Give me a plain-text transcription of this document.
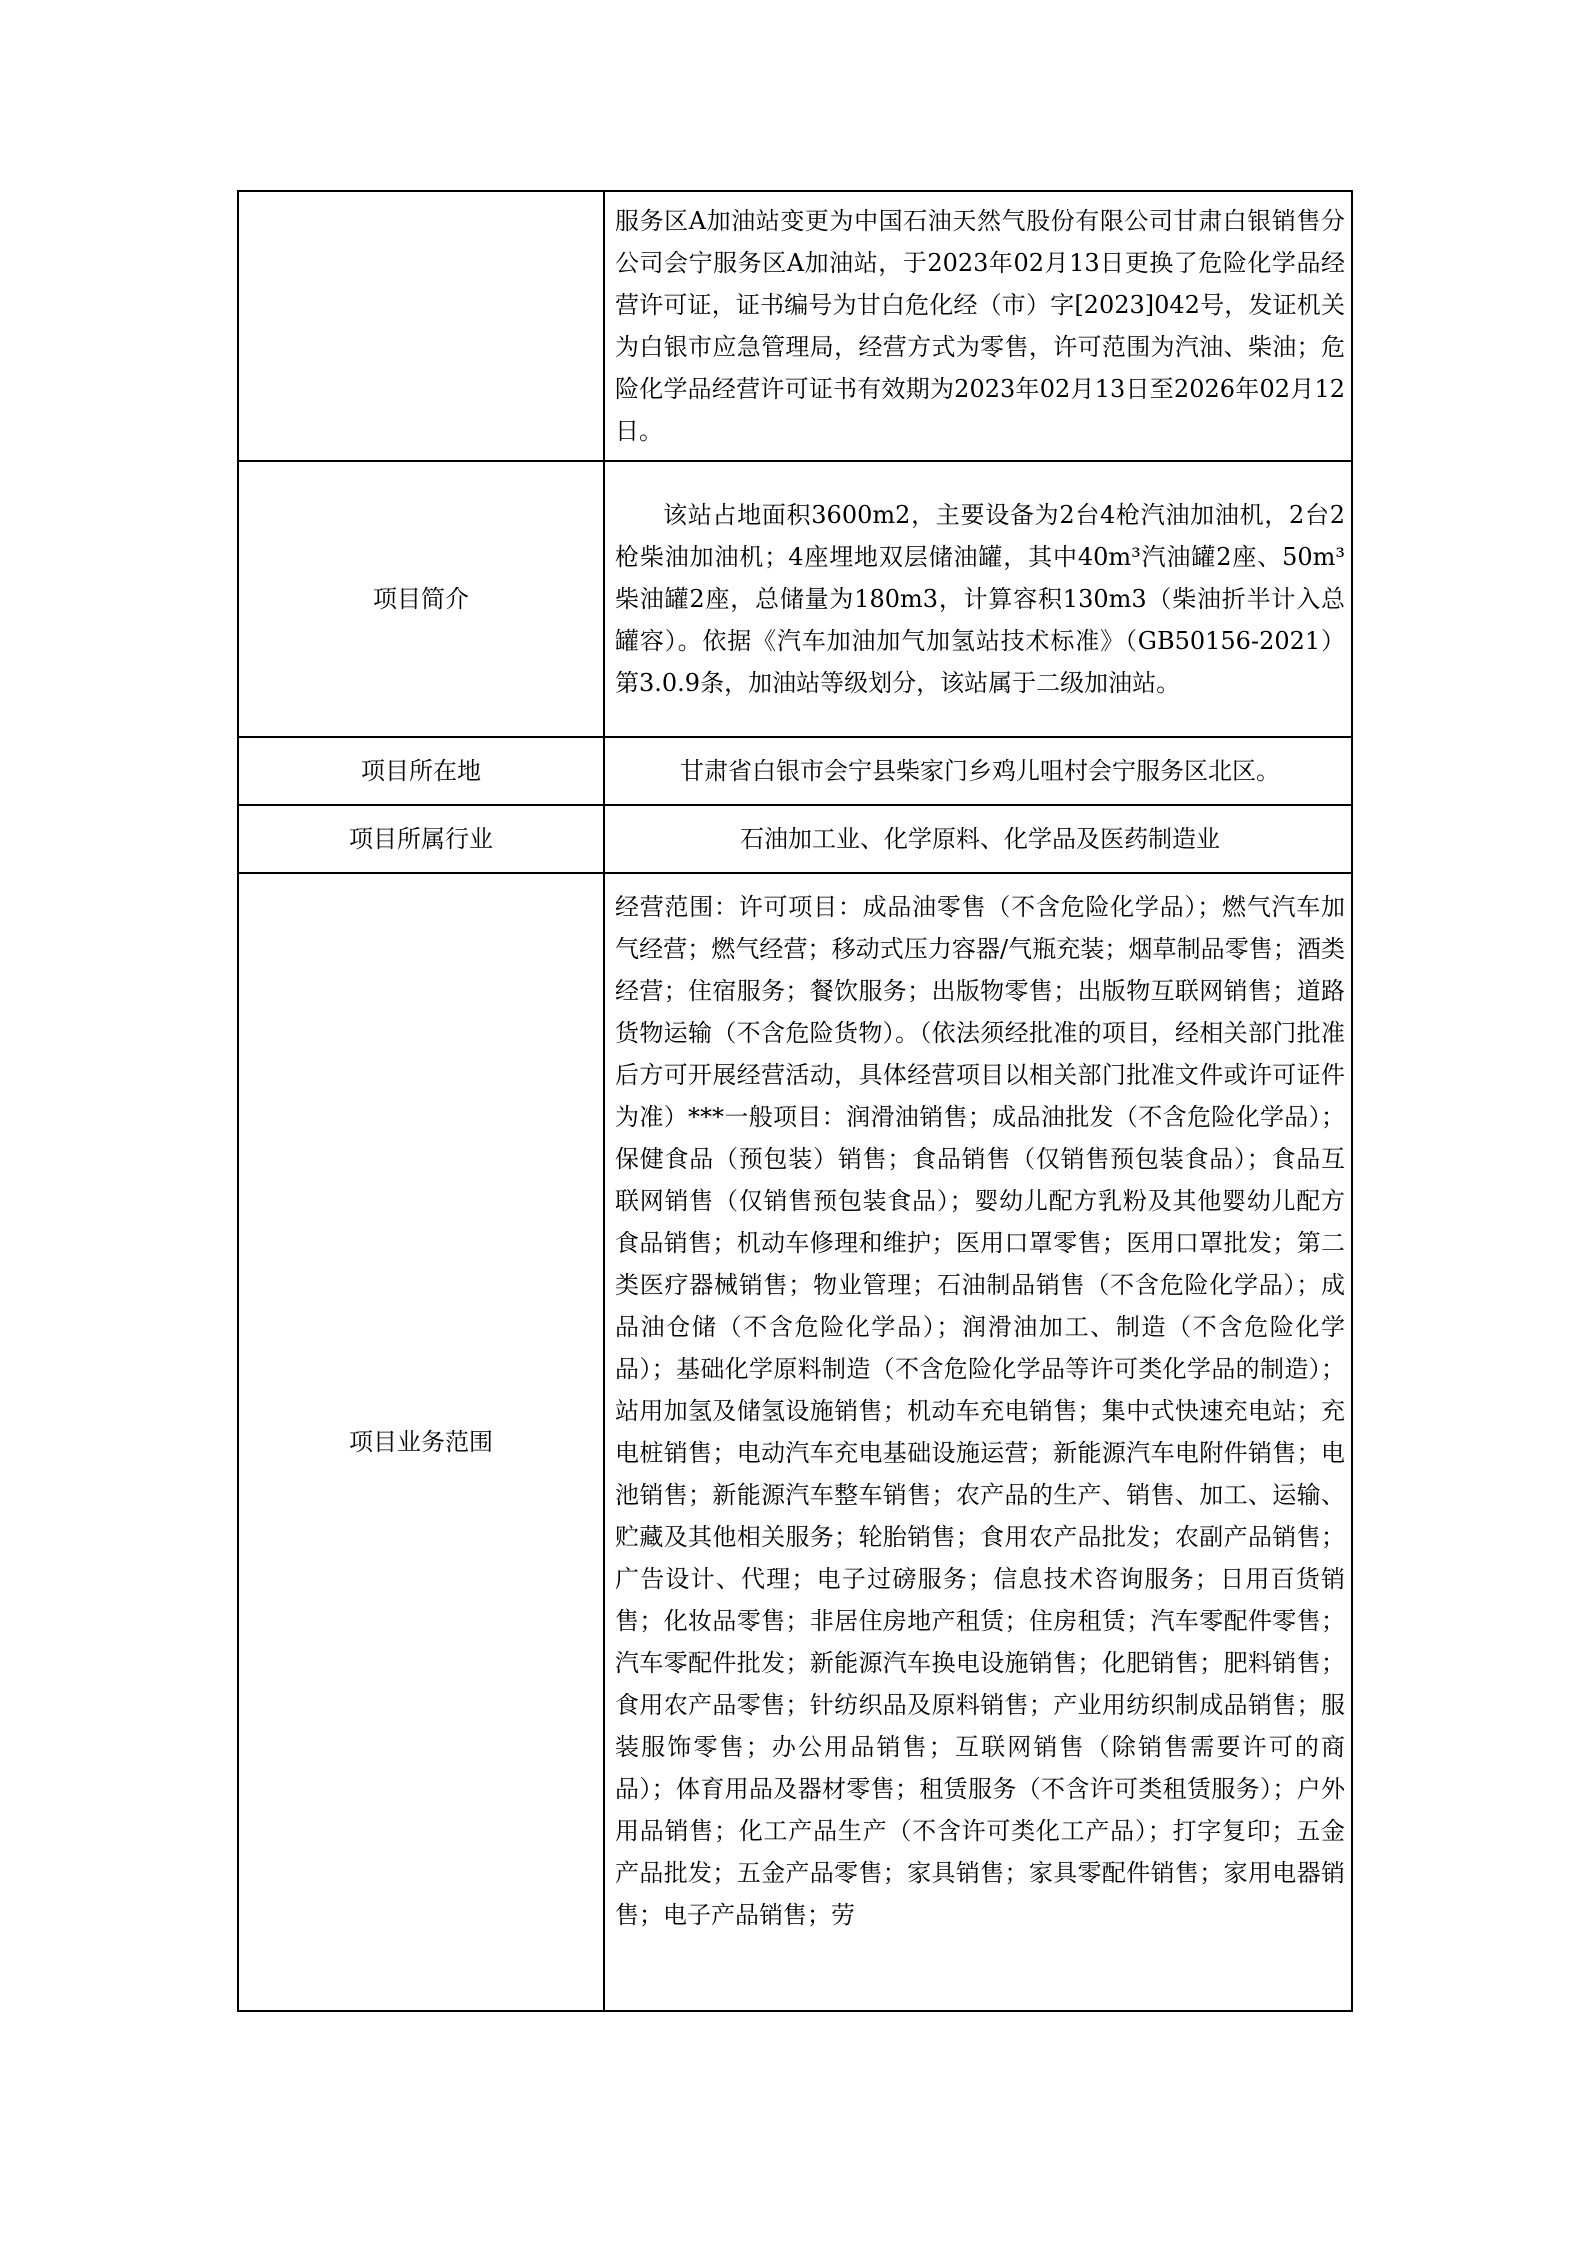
	服务区A加油站变更为中国石油天然气股份有限公司甘肃白银销售分公司会宁服务区A加油站，于2023年02月13日更换了危险化学品经营许可证，证书编号为甘白危化经（市）字[2023]042号，发证机关为白银市应急管理局，经营方式为零售，许可范围为汽油、柴油；危险化学品经营许可证书有效期为2023年02月13日至2026年02月12日。

项目简介	该站占地面积3600m2，主要设备为2台4枪汽油加油机，2台2枪柴油加油机；4座埋地双层储油罐，其中40m³汽油罐2座、50m³柴油罐2座，总储量为180m3，计算容积130m3（柴油折半计入总罐容）。依据《汽车加油加气加氢站技术标准》（GB50156-2021）第3.0.9条，加油站等级划分，该站属于二级加油站。

项目所在地	甘肃省白银市会宁县柴家门乡鸡儿咀村会宁服务区北区。

项目所属行业	石油加工业、化学原料、化学品及医药制造业

项目业务范围	经营范围：许可项目：成品油零售（不含危险化学品）；燃气汽车加气经营；燃气经营；移动式压力容器/气瓶充装；烟草制品零售；酒类经营；住宿服务；餐饮服务；出版物零售；出版物互联网销售；道路货物运输（不含危险货物）。（依法须经批准的项目，经相关部门批准后方可开展经营活动，具体经营项目以相关部门批准文件或许可证件为准）***一般项目：润滑油销售；成品油批发（不含危险化学品）；保健食品（预包装）销售；食品销售（仅销售预包装食品）；食品互联网销售（仅销售预包装食品）；婴幼儿配方乳粉及其他婴幼儿配方食品销售；机动车修理和维护；医用口罩零售；医用口罩批发；第二类医疗器械销售；物业管理；石油制品销售（不含危险化学品）；成品油仓储（不含危险化学品）；润滑油加工、制造（不含危险化学品）；基础化学原料制造（不含危险化学品等许可类化学品的制造）；站用加氢及储氢设施销售；机动车充电销售；集中式快速充电站；充电桩销售；电动汽车充电基础设施运营；新能源汽车电附件销售；电池销售；新能源汽车整车销售；农产品的生产、销售、加工、运输、贮藏及其他相关服务；轮胎销售；食用农产品批发；农副产品销售；广告设计、代理；电子过磅服务；信息技术咨询服务；日用百货销售；化妆品零售；非居住房地产租赁；住房租赁；汽车零配件零售；汽车零配件批发；新能源汽车换电设施销售；化肥销售；肥料销售；食用农产品零售；针纺织品及原料销售；产业用纺织制成品销售；服装服饰零售；办公用品销售；互联网销售（除销售需要许可的商品）；体育用品及器材零售；租赁服务（不含许可类租赁服务）；户外用品销售；化工产品生产（不含许可类化工产品）；打字复印；五金产品批发；五金产品零售；家具销售；家具零配件销售；家用电器销售；电子产品销售；劳
